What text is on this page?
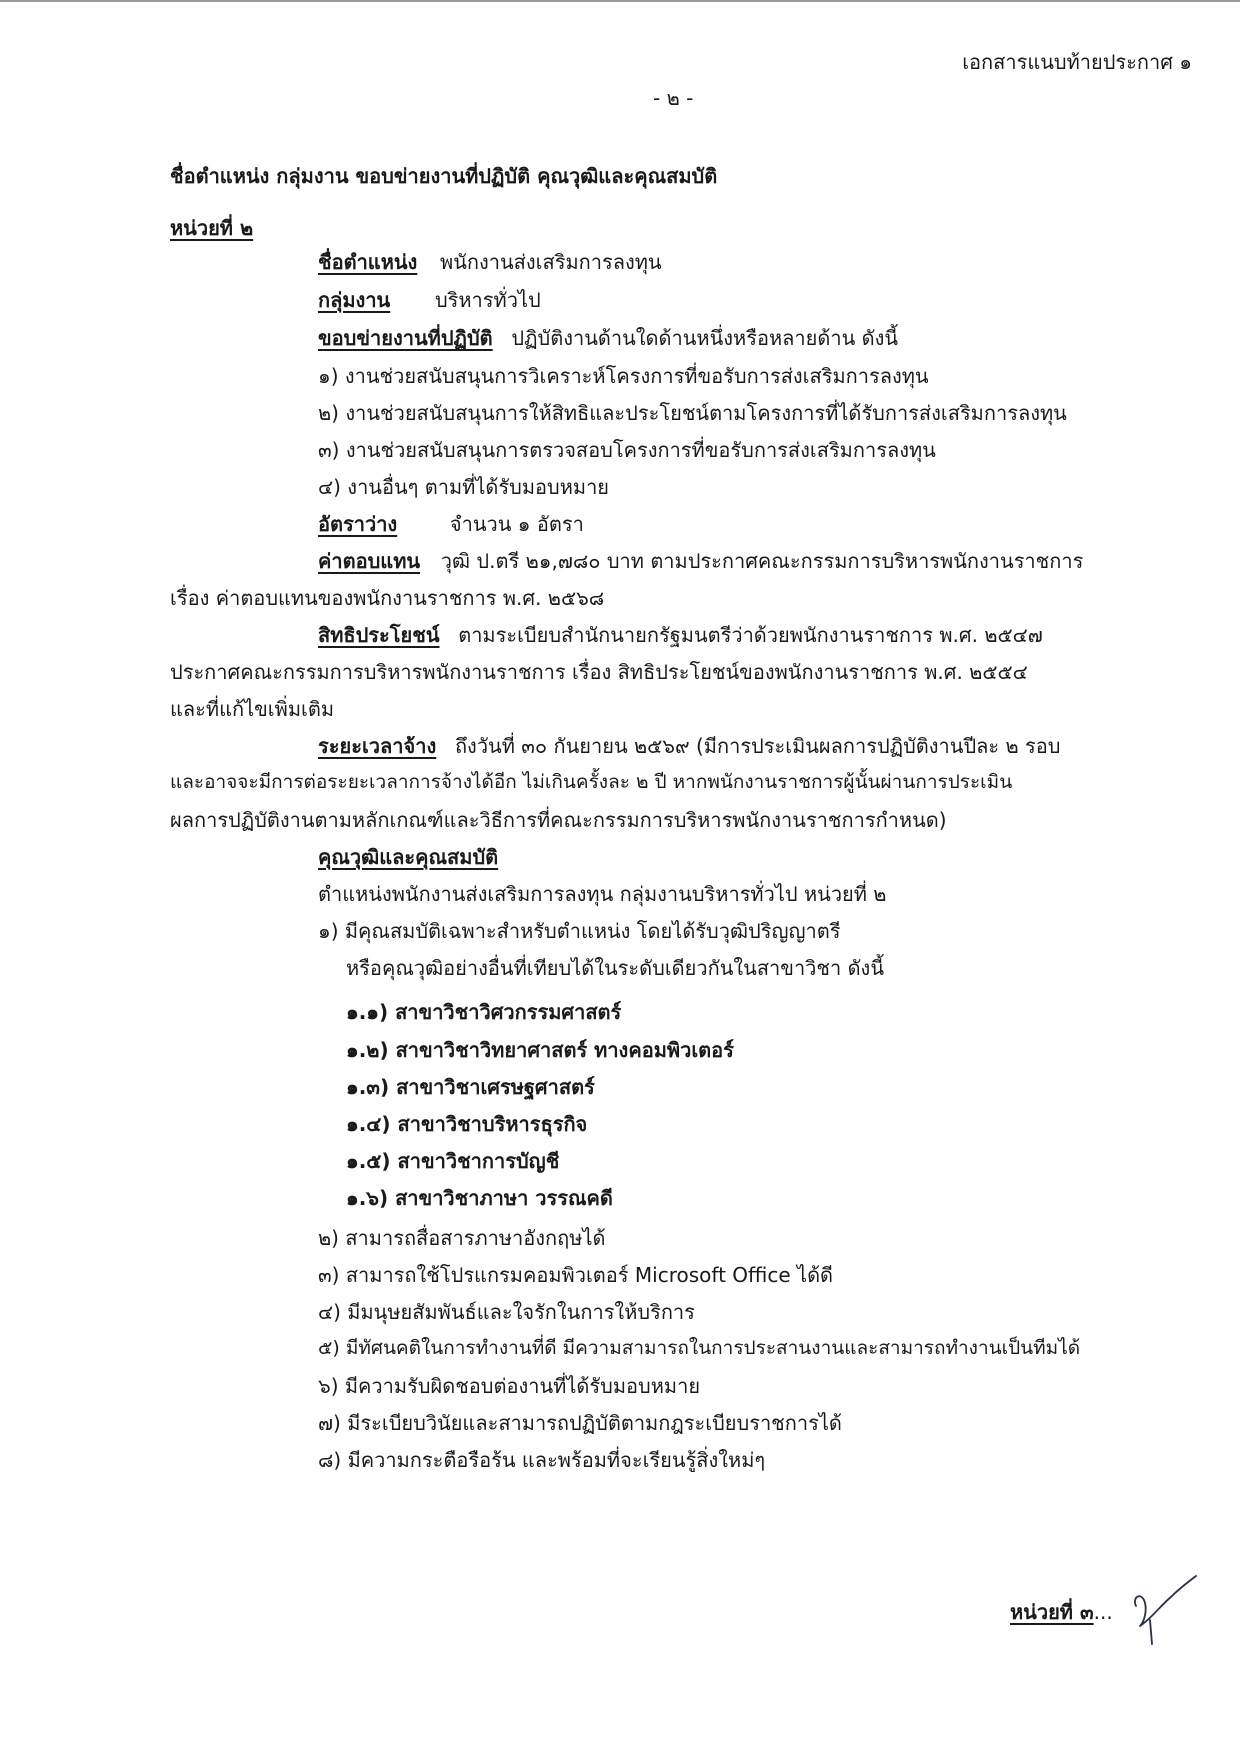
เอกสารแนบท้ายประกาศ ๑
- ๒ -
ชื่อตำแหน่ง กลุ่มงาน ขอบข่ายงานที่ปฏิบัติ คุณวุฒิและคุณสมบัติ
หน่วยที่ ๒
ชื่อตำแหน่ง พนักงานส่งเสริมการลงทุน
กลุ่มงาน บริหารทั่วไป
ขอบข่ายงานที่ปฏิบัติ ปฏิบัติงานด้านใดด้านหนึ่งหรือหลายด้าน ดังนี้
๑) งานช่วยสนับสนุนการวิเคราะห์โครงการที่ขอรับการส่งเสริมการลงทุน
๒) งานช่วยสนับสนุนการให้สิทธิและประโยชน์ตามโครงการที่ได้รับการส่งเสริมการลงทุน
๓) งานช่วยสนับสนุนการตรวจสอบโครงการที่ขอรับการส่งเสริมการลงทุน
๔) งานอื่นๆ ตามที่ได้รับมอบหมาย
อัตราว่าง	จำนวน ๑ อัตรา
ค่าตอบแทน วุฒิ ป.ตรี ๒๑,๗๘๐ บาท ตามประกาศคณะกรรมการบริหารพนักงานราชการ
เรื่อง ค่าตอบแทนของพนักงานราชการ พ.ศ. ๒๕๖๘
สิทธิประโยชน์ ตามระเบียบสำนักนายกรัฐมนตรีว่าด้วยพนักงานราชการ พ.ศ. ๒๕๔๗
ประกาศคณะกรรมการบริหารพนักงานราชการ เรื่อง สิทธิประโยชน์ของพนักงานราชการ พ.ศ. ๒๕๕๔
และที่แก้ไขเพิ่มเติม
ระยะเวลาจ้าง ถึงวันที่ ๓๐ กันยายน ๒๕๖๙ (มีการประเมินผลการปฏิบัติงานปีละ ๒ รอบ
และอาจจะมีการต่อระยะเวลาการจ้างได้อีก ไม่เกินครั้งละ ๒ ปี หากพนักงานราชการผู้นั้นผ่านการประเมิน
ผลการปฏิบัติงานตามหลักเกณฑ์และวิธีการที่คณะกรรมการบริหารพนักงานราชการกำหนด)
คุณวุฒิและคุณสมบัติ
ตำแหน่งพนักงานส่งเสริมการลงทุน กลุ่มงานบริหารทั่วไป หน่วยที่ ๒
๑) มีคุณสมบัติเฉพาะสำหรับตำแหน่ง โดยได้รับวุฒิปริญญาตรี
หรือคุณวุฒิอย่างอื่นที่เทียบได้ในระดับเดียวกันในสาขาวิชา ดังนี้
๑.๑) สาขาวิชาวิศวกรรมศาสตร์
๑.๒) สาขาวิชาวิทยาศาสตร์ ทางคอมพิวเตอร์
๑.๓) สาขาวิชาเศรษฐศาสตร์
๑.๔) สาขาวิชาบริหารธุรกิจ
๑.๕) สาขาวิชาการบัญชี
๑.๖) สาขาวิชาภาษา วรรณคดี
๒) สามารถสื่อสารภาษาอังกฤษได้
๓) สามารถใช้โปรแกรมคอมพิวเตอร์ Microsoft Office ได้ดี
๔) มีมนุษยสัมพันธ์และใจรักในการให้บริการ
๕) มีทัศนคติในการทำงานที่ดี มีความสามารถในการประสานงานและสามารถทำงานเป็นทีมได้
๖) มีความรับผิดชอบต่องานที่ได้รับมอบหมาย
๗) มีระเบียบวินัยและสามารถปฏิบัติตามกฎระเบียบราชการได้
๘) มีความกระตือรือร้น และพร้อมที่จะเรียนรู้สิ่งใหม่ๆ
หน่วยที่ ๓...
